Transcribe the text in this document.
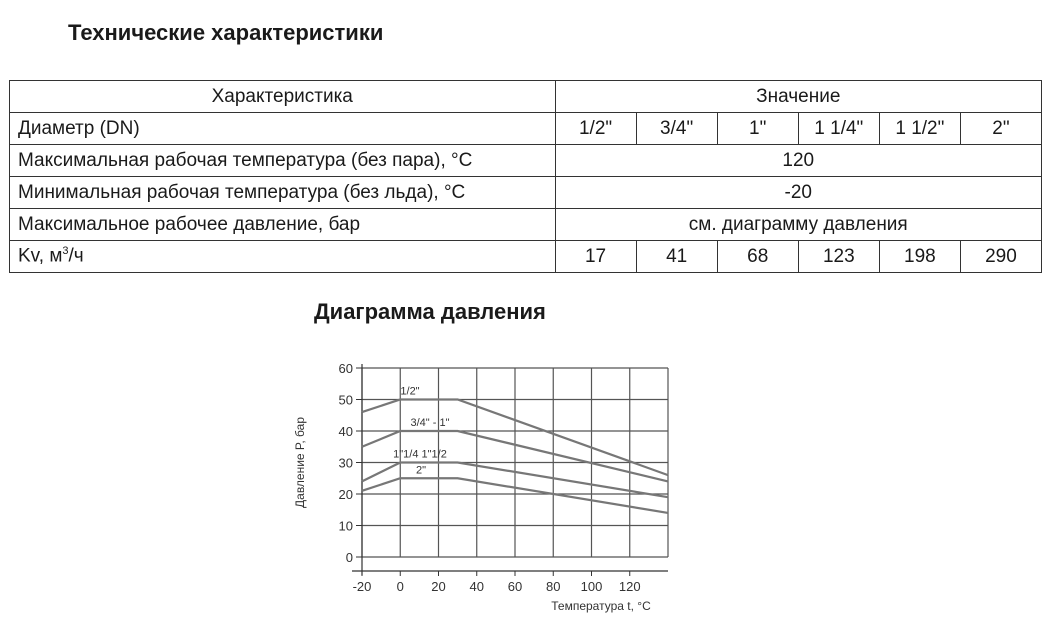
Технические характеристики
Характеристика	Значение					
Диаметр (DN)	1/2"	3/4"	1"	1 1/4"	1 1/2"	2"
Максимальная рабочая температура (без пара), °C	120					
Минимальная рабочая температура (без льда), °C	-20					
Максимальное рабочее давление, бар	см. диаграмму давления					
Kv, $м^3/ч$	17	41	68	123	198	290
Диаграмма давления
0
10
20
30
40
50
60
-20 0 20 40 60 80 100 120
Температура t, °C
Давление P, бар
1/2"
3/4" - 1"
1"1/4 1"1/2
2"
